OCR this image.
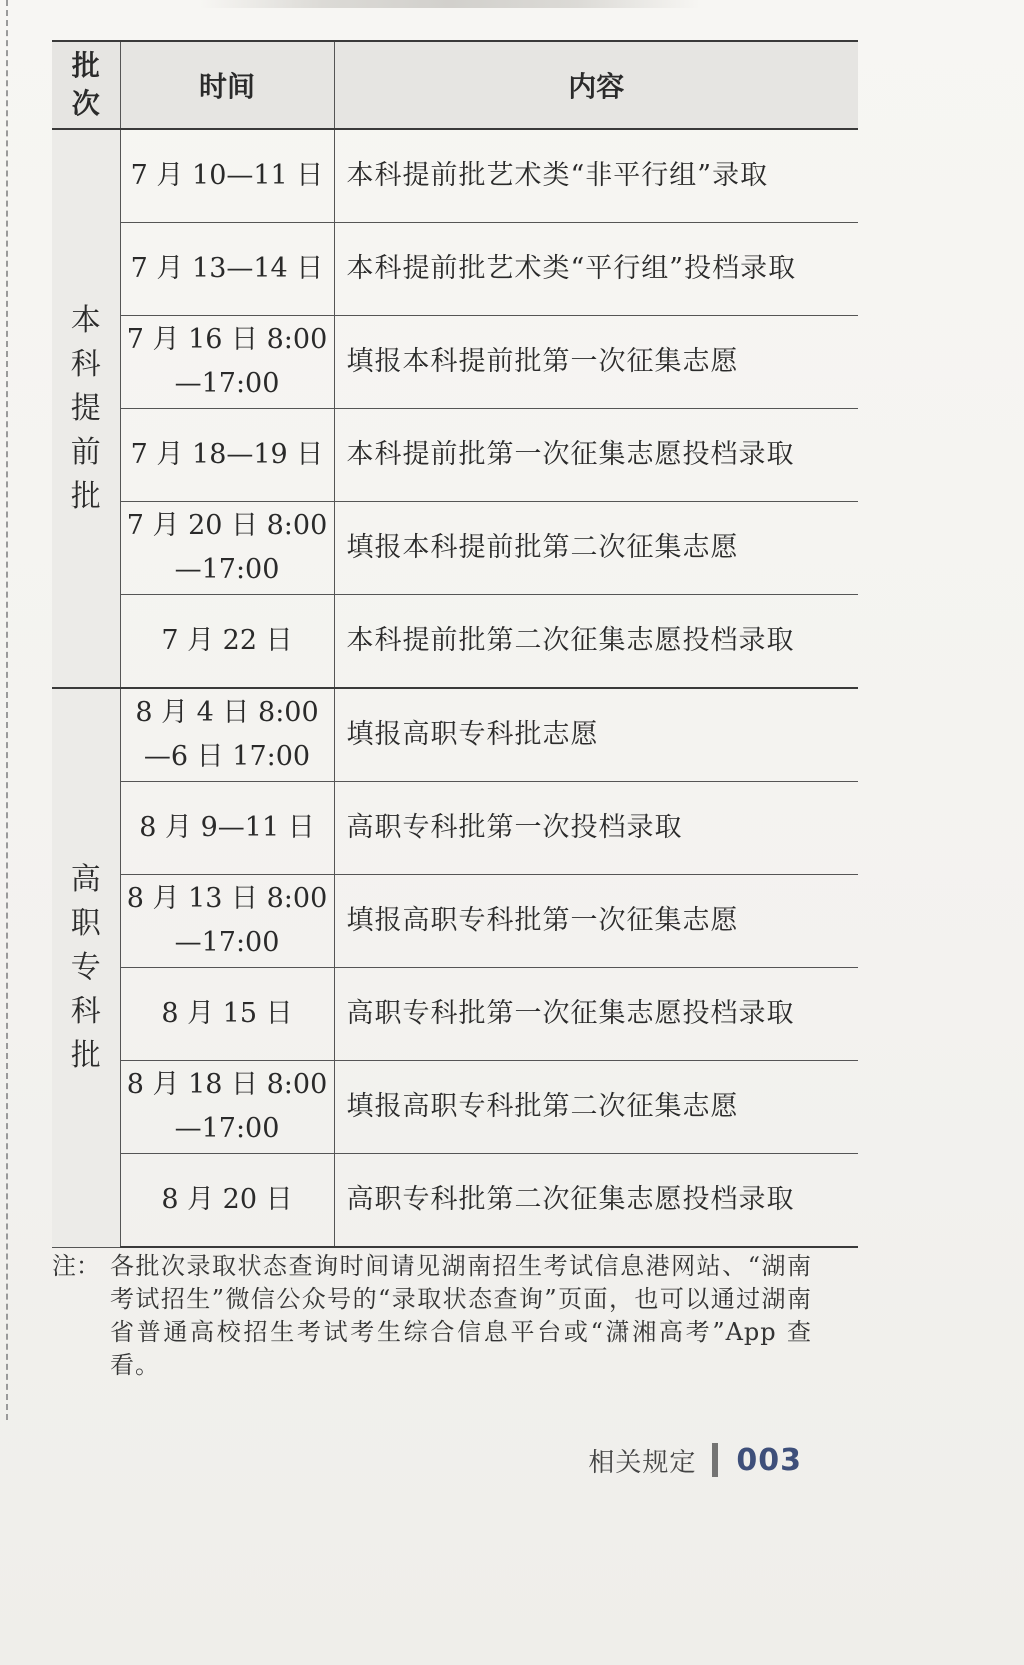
批次	时间	内容
本科提前批	7 月 10—11 日	本科提前批艺术类“非平行组”录取
	7 月 13—14 日	本科提前批艺术类“平行组”投档录取
	7 月 16 日 8:00—17:00	填报本科提前批第一次征集志愿
	7 月 18—19 日	本科提前批第一次征集志愿投档录取
	7 月 20 日 8:00—17:00	填报本科提前批第二次征集志愿
	7 月 22 日	本科提前批第二次征集志愿投档录取
高职专科批	8 月 4 日 8:00—6 日 17:00	填报高职专科批志愿
	8 月 9—11 日	高职专科批第一次投档录取
	8 月 13 日 8:00—17:00	填报高职专科批第一次征集志愿
	8 月 15 日	高职专科批第一次征集志愿投档录取
	8 月 18 日 8:00—17:00	填报高职专科批第二次征集志愿
	8 月 20 日	高职专科批第二次征集志愿投档录取
注： 各批次录取状态查询时间请见湖南招生考试信息港网站、“湖南考试招生”微信公众号的“录取状态查询”页面，也可以通过湖南省普通高校招生考试考生综合信息平台或“潇湘高考”App 查看。
相关规定 003
